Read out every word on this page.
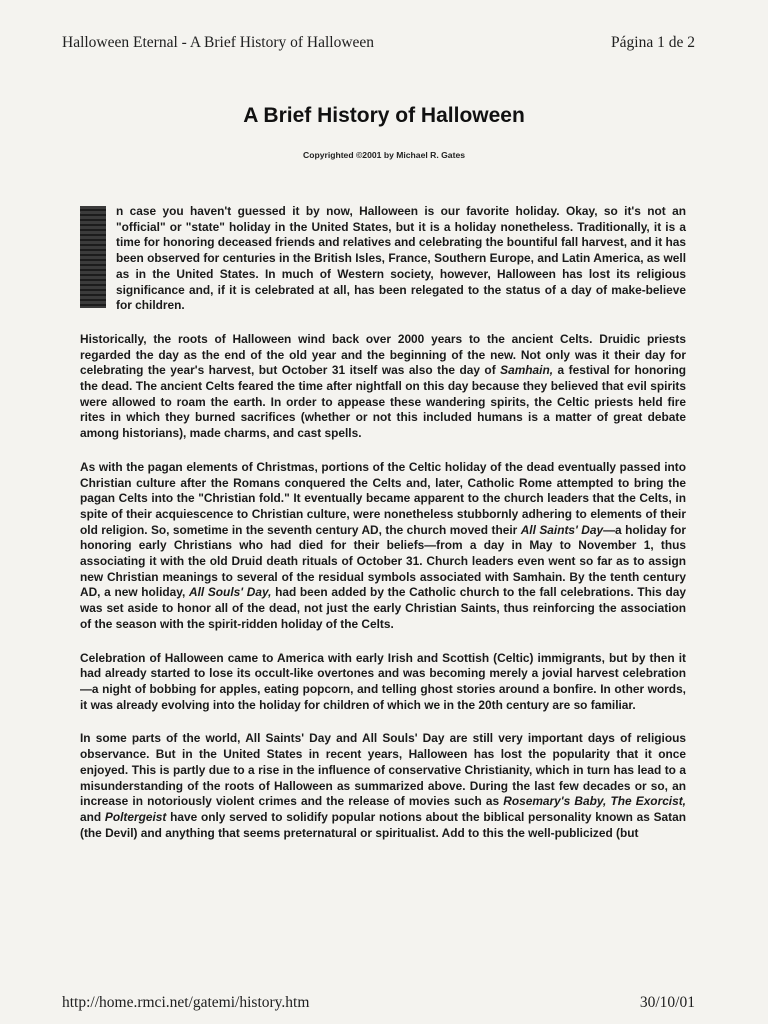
Halloween Eternal - A Brief History of Halloween	Página 1 de 2
A Brief History of Halloween
Copyrighted ©2001 by Michael R. Gates

I	n case you haven't guessed it by now, Halloween is our favorite holiday. Okay, so it's not an "official" or "state" holiday in the United States, but it is a holiday nonetheless. Traditionally, it is a time for honoring deceased friends and relatives and celebrating the bountiful fall harvest, and it has been observed for centuries in the British Isles, France, Southern Europe, and Latin America, as well as in the United States. In much of Western society, however, Halloween has lost its religious significance and, if it is celebrated at all, has been relegated to the status of a day of make-believe for children.

Historically, the roots of Halloween wind back over 2000 years to the ancient Celts. Druidic priests regarded the day as the end of the old year and the beginning of the new. Not only was it their day for celebrating the year's harvest, but October 31 itself was also the day of Samhain, a festival for honoring the dead. The ancient Celts feared the time after nightfall on this day because they believed that evil spirits were allowed to roam the earth. In order to appease these wandering spirits, the Celtic priests held fire rites in which they burned sacrifices (whether or not this included humans is a matter of great debate among historians), made charms, and cast spells.

As with the pagan elements of Christmas, portions of the Celtic holiday of the dead eventually passed into Christian culture after the Romans conquered the Celts and, later, Catholic Rome attempted to bring the pagan Celts into the "Christian fold." It eventually became apparent to the church leaders that the Celts, in spite of their acquiescence to Christian culture, were nonetheless stubbornly adhering to elements of their old religion. So, sometime in the seventh century AD, the church moved their All Saints' Day—a holiday for honoring early Christians who had died for their beliefs—from a day in May to November 1, thus associating it with the old Druid death rituals of October 31. Church leaders even went so far as to assign new Christian meanings to several of the residual symbols associated with Samhain. By the tenth century AD, a new holiday, All Souls' Day, had been added by the Catholic church to the fall celebrations. This day was set aside to honor all of the dead, not just the early Christian Saints, thus reinforcing the association of the season with the spirit-ridden holiday of the Celts.

Celebration of Halloween came to America with early Irish and Scottish (Celtic) immigrants, but by then it had already started to lose its occult-like overtones and was becoming merely a jovial harvest celebration—a night of bobbing for apples, eating popcorn, and telling ghost stories around a bonfire. In other words, it was already evolving into the holiday for children of which we in the 20th century are so familiar.

In some parts of the world, All Saints' Day and All Souls' Day are still very important days of religious observance. But in the United States in recent years, Halloween has lost the popularity that it once enjoyed. This is partly due to a rise in the influence of conservative Christianity, which in turn has lead to a misunderstanding of the roots of Halloween as summarized above. During the last few decades or so, an increase in notoriously violent crimes and the release of movies such as Rosemary's Baby, The Exorcist, and Poltergeist have only served to solidify popular notions about the biblical personality known as Satan (the Devil) and anything that seems preternatural or spiritualist. Add to this the well-publicized (but

http://home.rmci.net/gatemi/history.htm	30/10/01
